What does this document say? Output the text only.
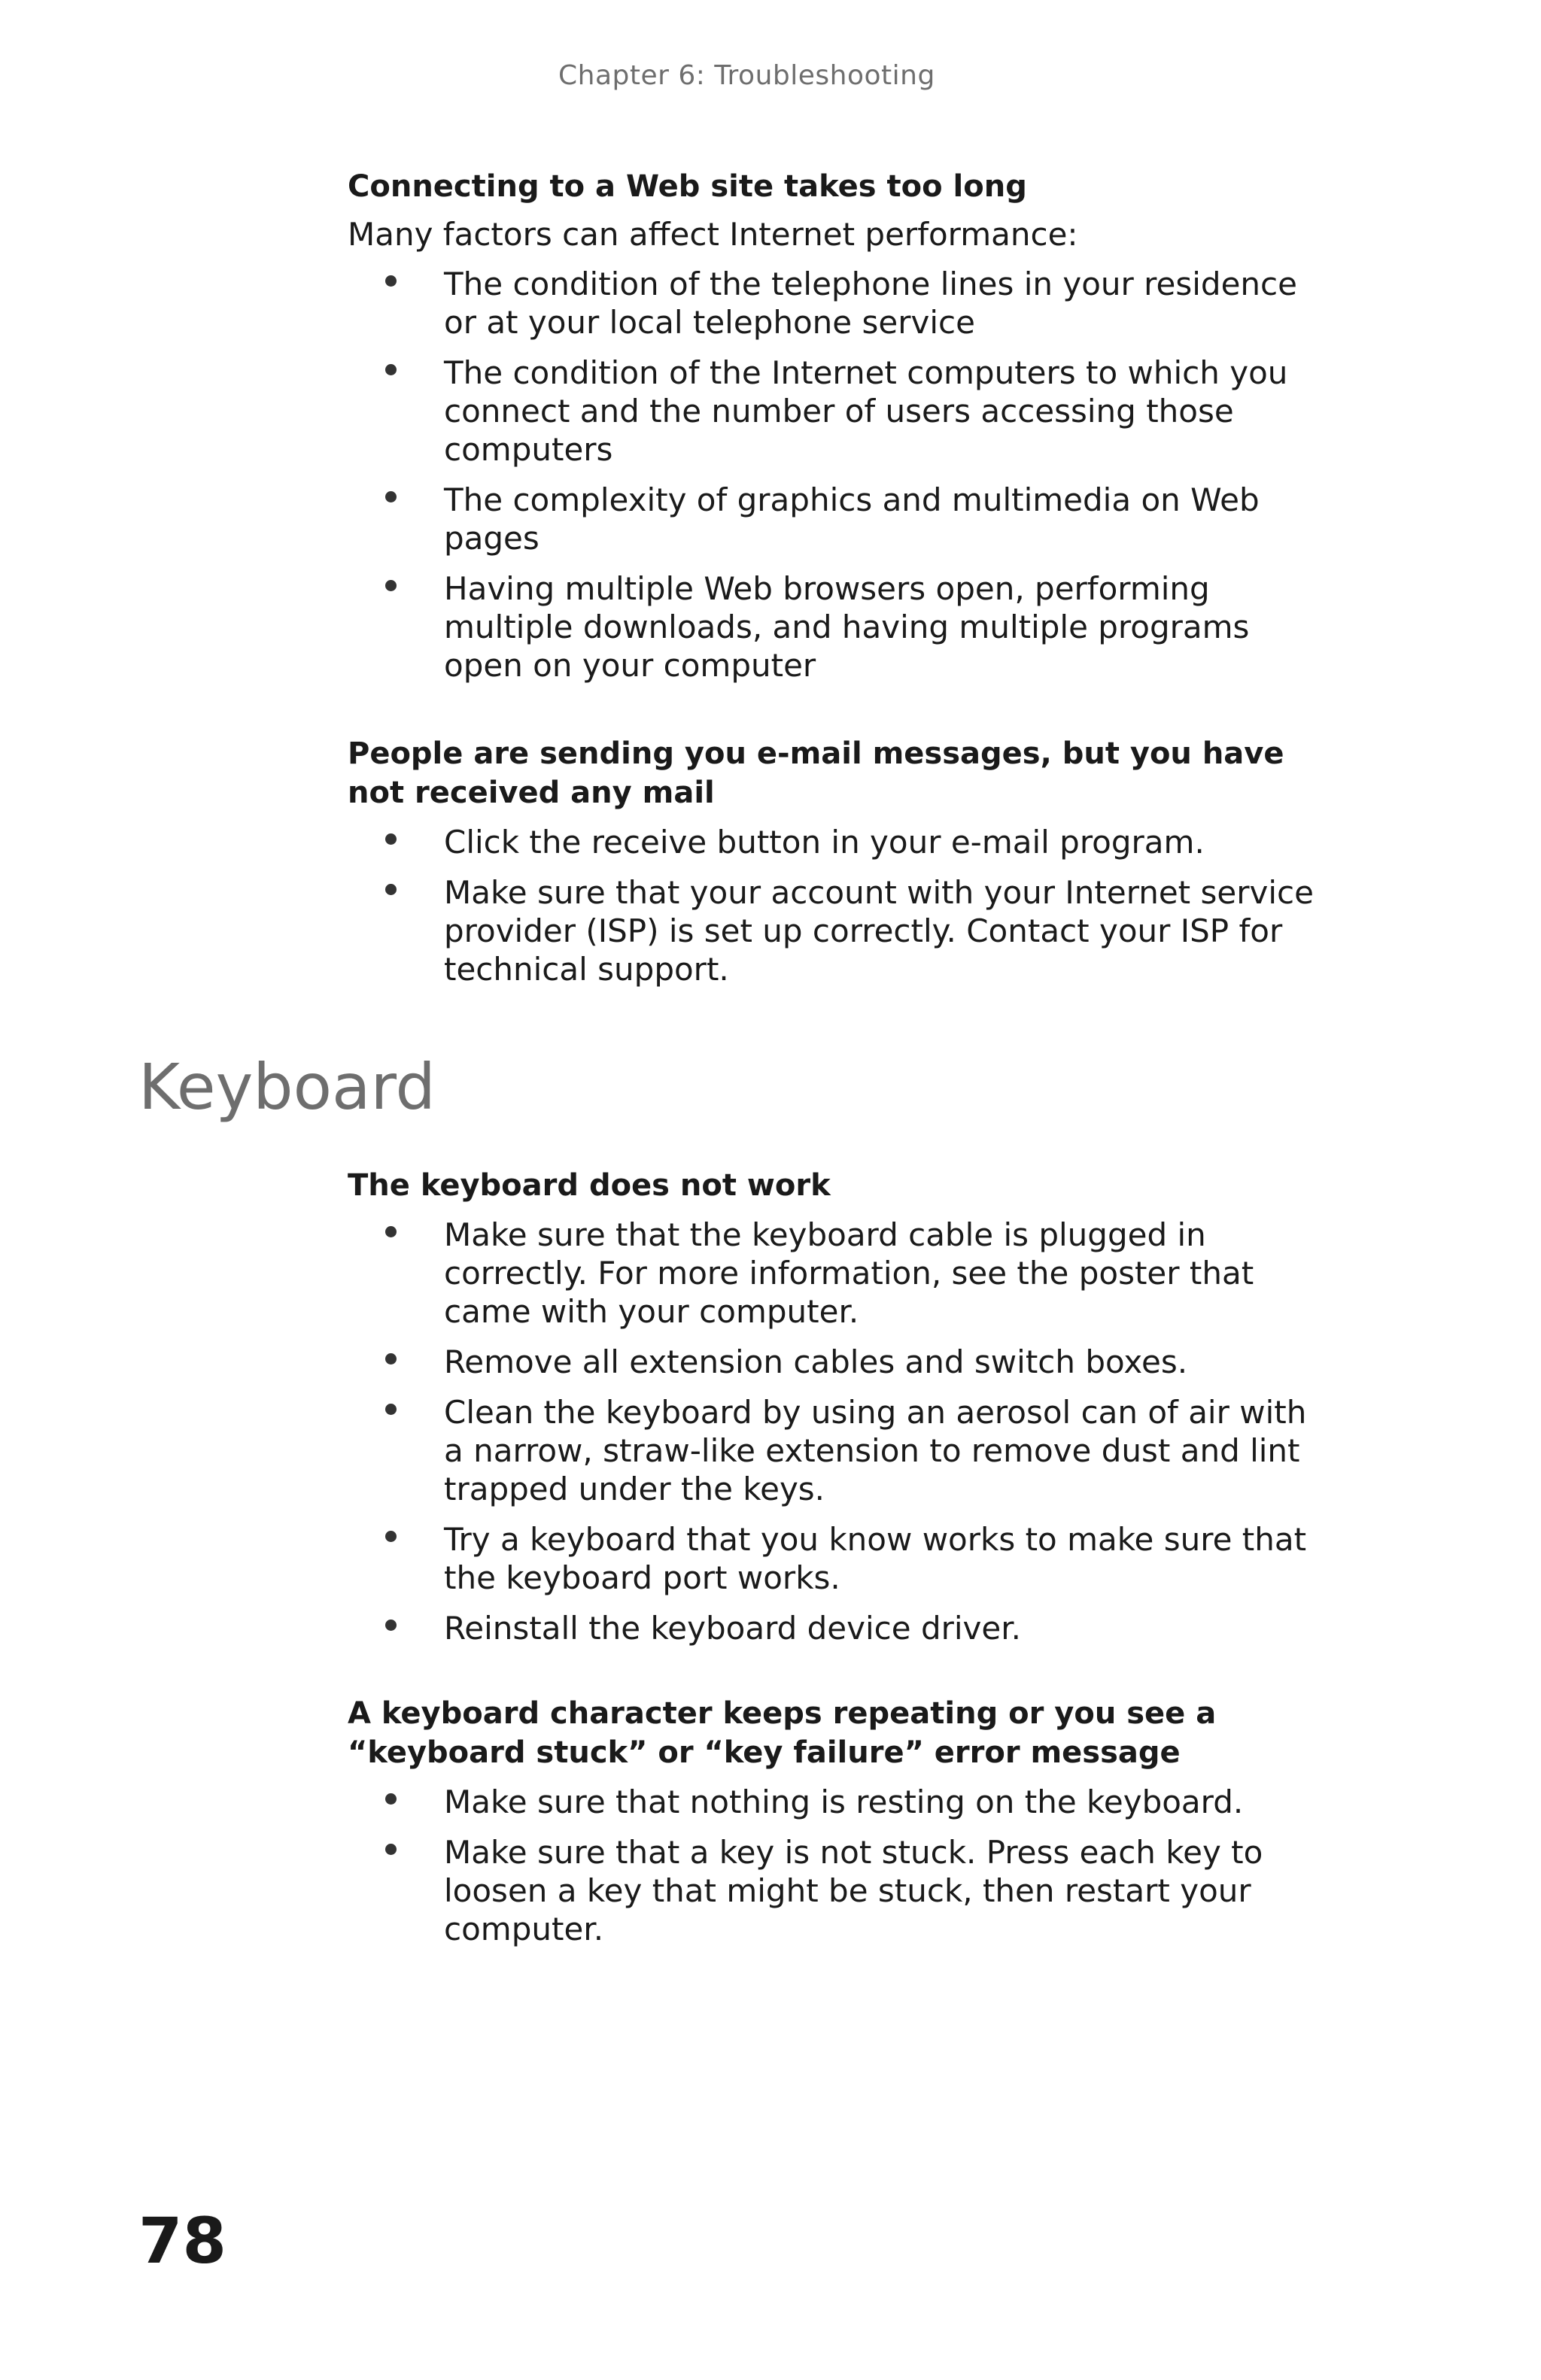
Chapter 6: Troubleshooting
Connecting to a Web site takes too long

Many factors can affect Internet performance:

The condition of the telephone lines in your residence or at your local telephone service
The condition of the Internet computers to which you connect and the number of users accessing those computers
The complexity of graphics and multimedia on Web pages
Having multiple Web browsers open, performing multiple downloads, and having multiple programs open on your computer
People are sending you e-mail messages, but you have not received any mail
Click the receive button in your e-mail program.
Make sure that your account with your Internet service provider (ISP) is set up correctly. Contact your ISP for technical support.
Keyboard
The keyboard does not work
Make sure that the keyboard cable is plugged in correctly. For more information, see the poster that came with your computer.
Remove all extension cables and switch boxes.
Clean the keyboard by using an aerosol can of air with a narrow, straw-like extension to remove dust and lint trapped under the keys.
Try a keyboard that you know works to make sure that the keyboard port works.
Reinstall the keyboard device driver.
A keyboard character keeps repeating or you see a “keyboard stuck” or “key failure” error message
Make sure that nothing is resting on the keyboard.
Make sure that a key is not stuck. Press each key to loosen a key that might be stuck, then restart your computer.
78
